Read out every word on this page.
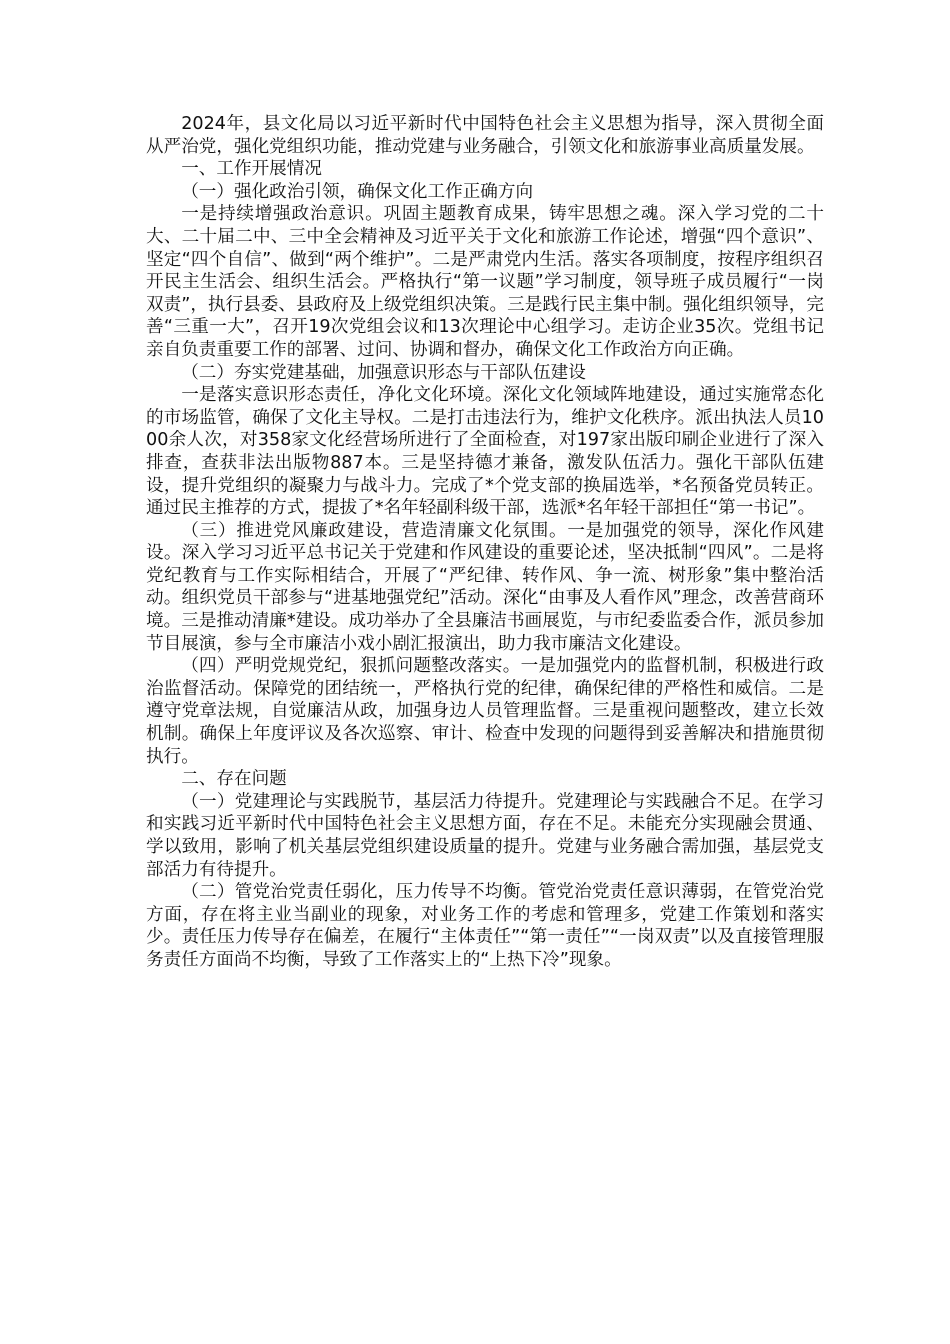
2024年，县文化局以习近平新时代中国特色社会主义思想为指导，深入贯彻全面从严治党，强化党组织功能，推动党建与业务融合，引领文化和旅游事业高质量发展。

一、工作开展情况

（一）强化政治引领，确保文化工作正确方向

一是持续增强政治意识。巩固主题教育成果，铸牢思想之魂。深入学习党的二十大、二十届二中、三中全会精神及习近平关于文化和旅游工作论述，增强“四个意识”、坚定“四个自信”、做到“两个维护”。二是严肃党内生活。落实各项制度，按程序组织召开民主生活会、组织生活会。严格执行“第一议题”学习制度，领导班子成员履行“一岗双责”，执行县委、县政府及上级党组织决策。三是践行民主集中制。强化组织领导，完善“三重一大”，召开19次党组会议和13次理论中心组学习。走访企业35次。党组书记亲自负责重要工作的部署、过问、协调和督办，确保文化工作政治方向正确。

（二）夯实党建基础，加强意识形态与干部队伍建设

一是落实意识形态责任，净化文化环境。深化文化领域阵地建设，通过实施常态化的市场监管，确保了文化主导权。二是打击违法行为，维护文化秩序。派出执法人员1000余人次，对358家文化经营场所进行了全面检查，对197家出版印刷企业进行了深入排查，查获非法出版物887本。三是坚持德才兼备，激发队伍活力。强化干部队伍建设，提升党组织的凝聚力与战斗力。完成了*个党支部的换届选举，*名预备党员转正。通过民主推荐的方式，提拔了*名年轻副科级干部，选派*名年轻干部担任“第一书记”。

（三）推进党风廉政建设，营造清廉文化氛围。一是加强党的领导，深化作风建设。深入学习习近平总书记关于党建和作风建设的重要论述，坚决抵制“四风”。二是将党纪教育与工作实际相结合，开展了“严纪律、转作风、争一流、树形象”集中整治活动。组织党员干部参与“进基地强党纪”活动。深化“由事及人看作风”理念，改善营商环境。三是推动清廉*建设。成功举办了全县廉洁书画展览，与市纪委监委合作，派员参加节目展演，参与全市廉洁小戏小剧汇报演出，助力我市廉洁文化建设。

（四）严明党规党纪，狠抓问题整改落实。一是加强党内的监督机制，积极进行政治监督活动。保障党的团结统一，严格执行党的纪律，确保纪律的严格性和威信。二是遵守党章法规，自觉廉洁从政，加强身边人员管理监督。三是重视问题整改，建立长效机制。确保上年度评议及各次巡察、审计、检查中发现的问题得到妥善解决和措施贯彻执行。

二、存在问题

（一）党建理论与实践脱节，基层活力待提升。党建理论与实践融合不足。在学习和实践习近平新时代中国特色社会主义思想方面，存在不足。未能充分实现融会贯通、学以致用，影响了机关基层党组织建设质量的提升。党建与业务融合需加强，基层党支部活力有待提升。

（二）管党治党责任弱化，压力传导不均衡。管党治党责任意识薄弱，在管党治党方面，存在将主业当副业的现象，对业务工作的考虑和管理多，党建工作策划和落实少。责任压力传导存在偏差，在履行“主体责任”“第一责任”“一岗双责”以及直接管理服务责任方面尚不均衡，导致了工作落实上的“上热下冷”现象。
